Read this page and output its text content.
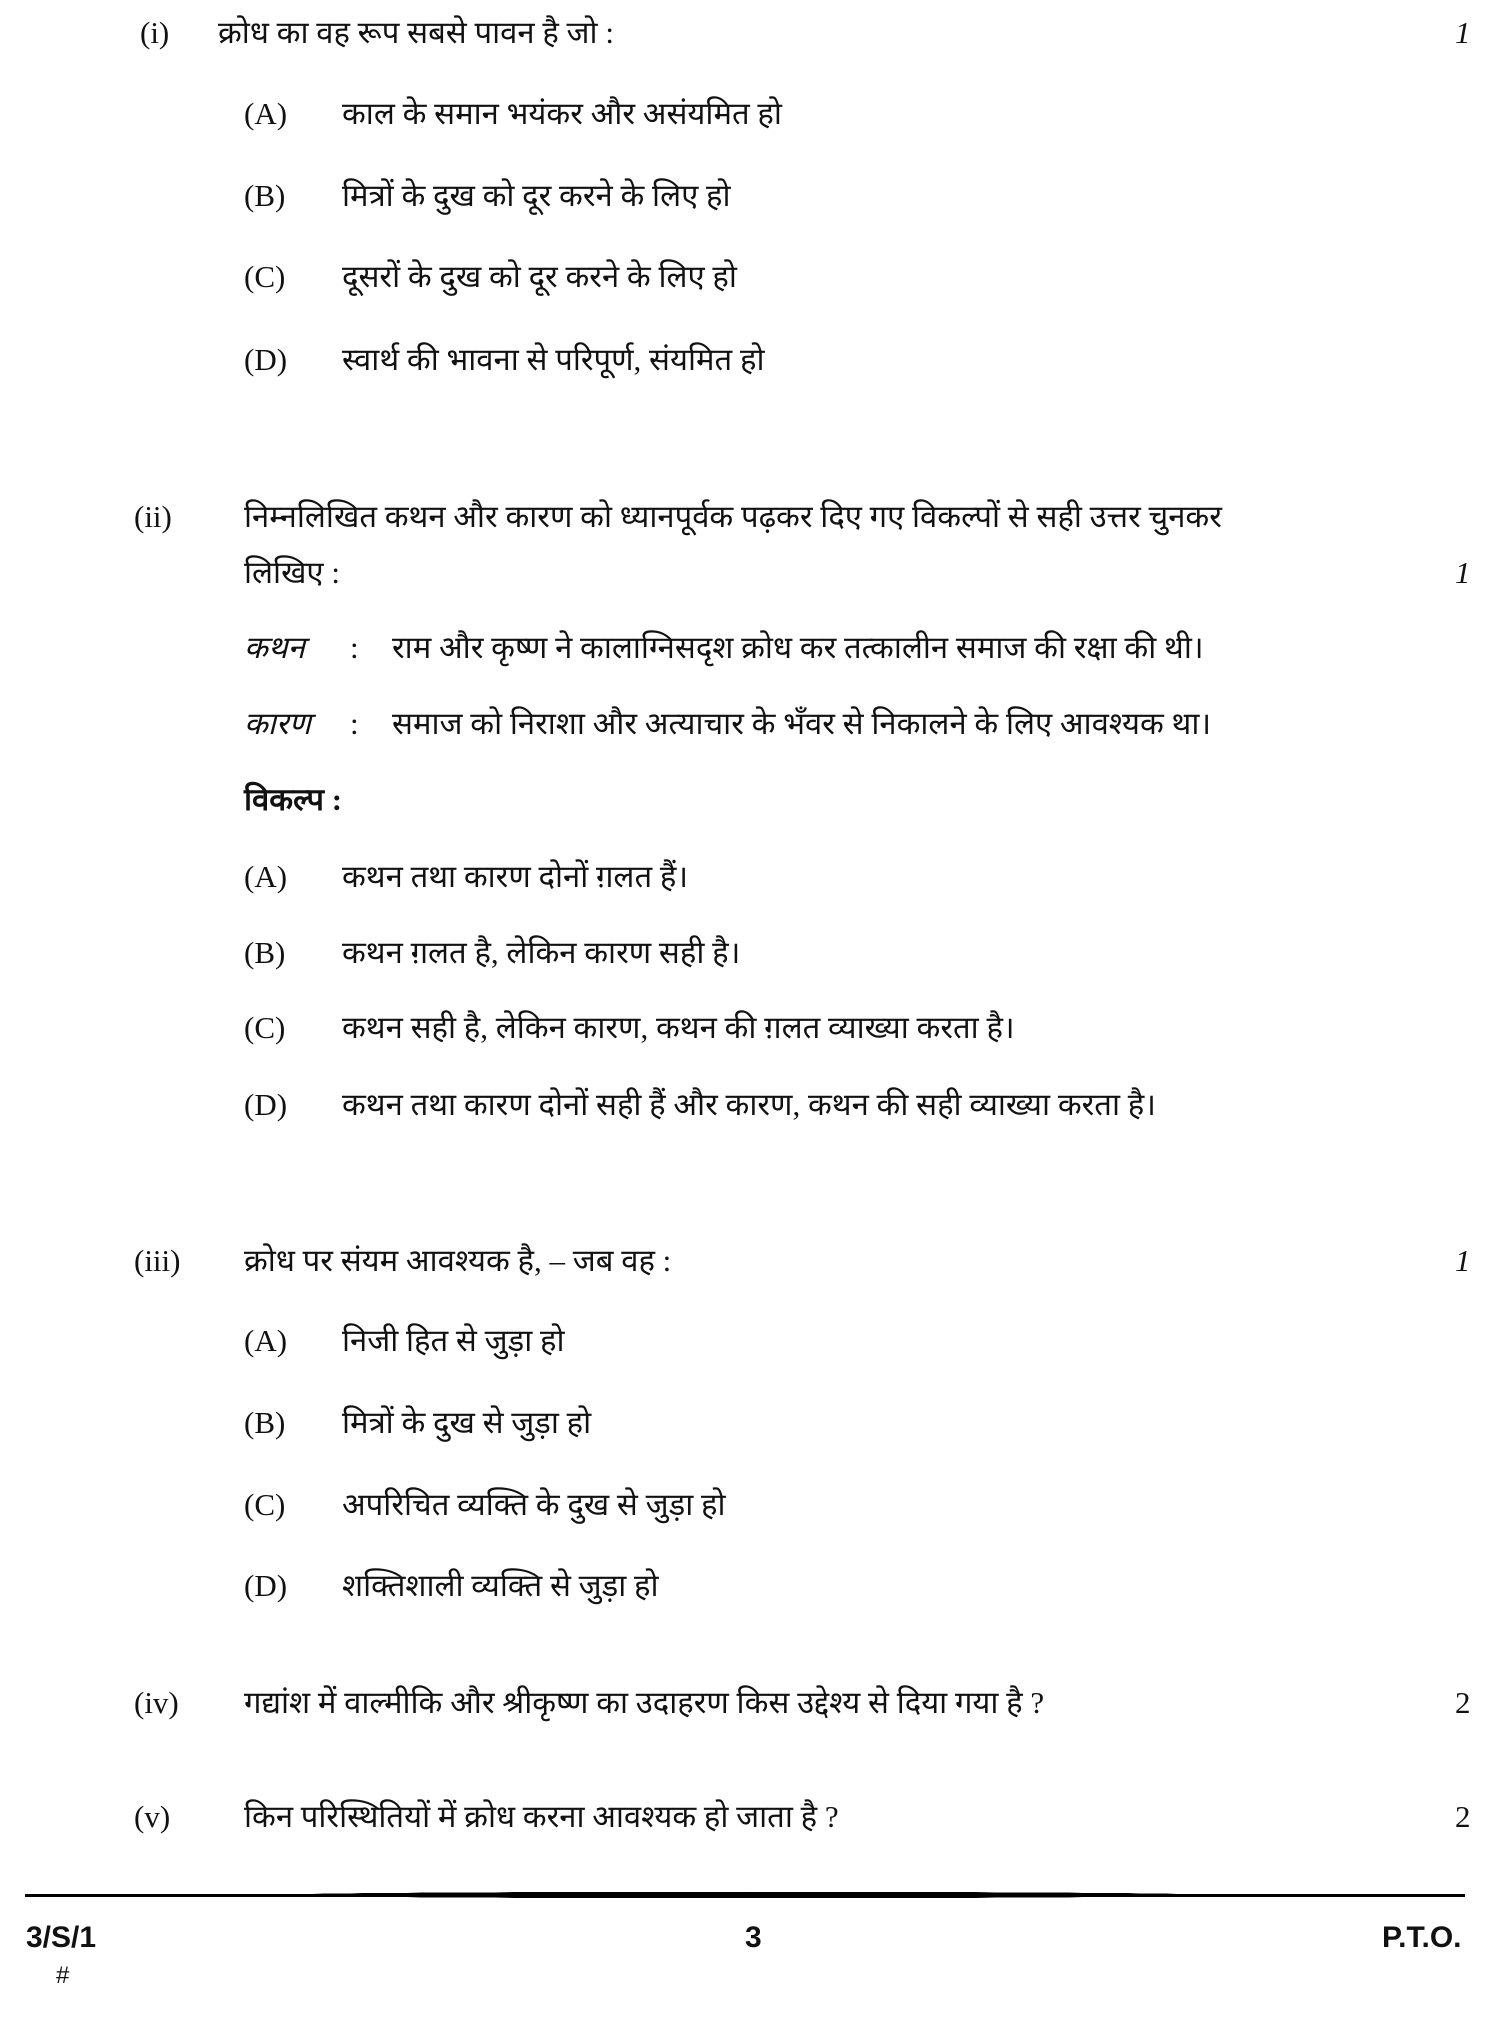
(i) क्रोध का वह रूप सबसे पावन है जो :	1
(A) काल के समान भयंकर और असंयमित हो
(B) मित्रों के दुख को दूर करने के लिए हो
(C) दूसरों के दुख को दूर करने के लिए हो
(D) स्वार्थ की भावना से परिपूर्ण, संयमित हो
(ii) निम्नलिखित कथन और कारण को ध्यानपूर्वक पढ़कर दिए गए विकल्पों से सही उत्तर चुनकर
लिखिए :	1
कथन : राम और कृष्ण ने कालाग्निसदृश क्रोध कर तत्कालीन समाज की रक्षा की थी।
कारण : समाज को निराशा और अत्याचार के भँवर से निकालने के लिए आवश्यक था।
विकल्प :
(A) कथन तथा कारण दोनों ग़लत हैं।
(B) कथन ग़लत है, लेकिन कारण सही है।
(C) कथन सही है, लेकिन कारण, कथन की ग़लत व्याख्या करता है।
(D) कथन तथा कारण दोनों सही हैं और कारण, कथन की सही व्याख्या करता है।
(iii) क्रोध पर संयम आवश्यक है, – जब वह :	1
(A) निजी हित से जुड़ा हो
(B) मित्रों के दुख से जुड़ा हो
(C) अपरिचित व्यक्ति के दुख से जुड़ा हो
(D) शक्तिशाली व्यक्ति से जुड़ा हो
(iv) गद्यांश में वाल्मीकि और श्रीकृष्ण का उदाहरण किस उद्देश्य से दिया गया है ?	2
(v) किन परिस्थितियों में क्रोध करना आवश्यक हो जाता है ?	2
3/S/1	3	P.T.O.
#
